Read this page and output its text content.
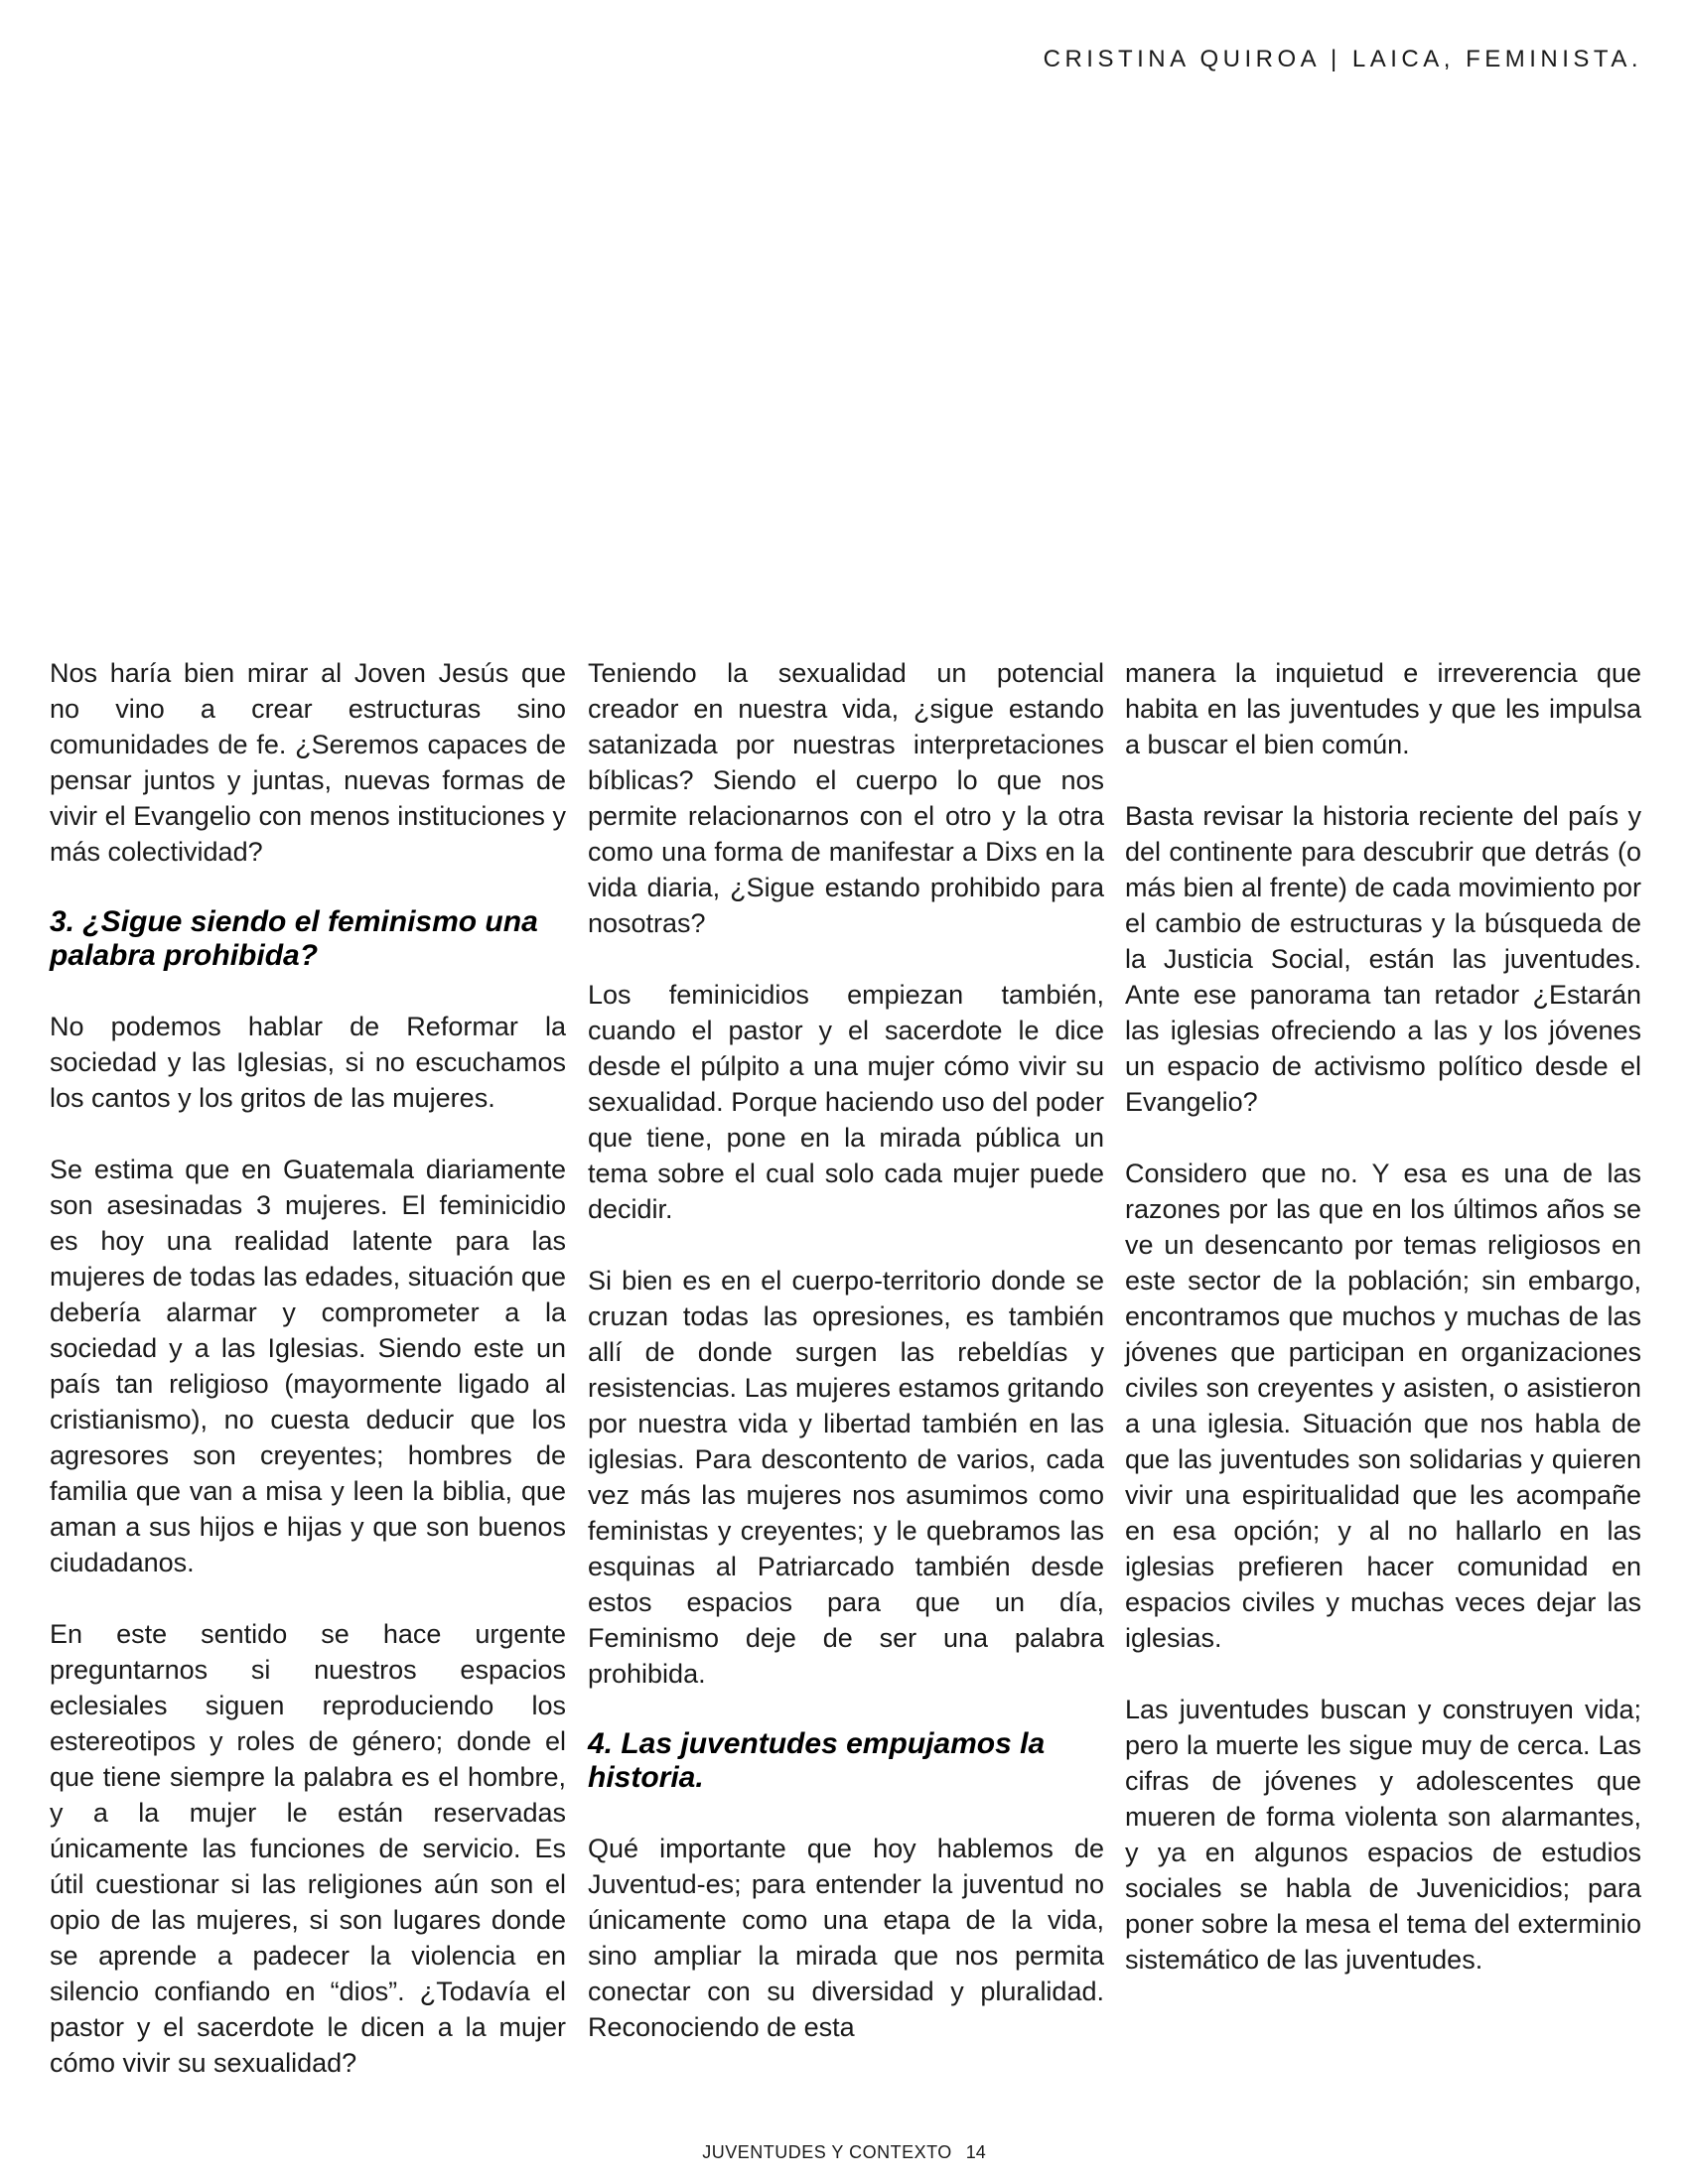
CRISTINA QUIROA | LAICA, FEMINISTA.

Nos haría bien mirar al Joven Jesús que no vino a crear estructuras sino comunidades de fe. ¿Seremos capaces de pensar juntos y juntas, nuevas formas de vivir el Evangelio con menos instituciones y más colectividad?

3. ¿Sigue siendo el feminismo una palabra prohibida?

No podemos hablar de Reformar la sociedad y las Iglesias, si no escuchamos los cantos y los gritos de las mujeres.

Se estima que en Guatemala diariamente son asesinadas 3 mujeres. El feminicidio es hoy una realidad latente para las mujeres de todas las edades, situación que debería alarmar y comprometer a la sociedad y a las Iglesias. Siendo este un país tan religioso (mayormente ligado al cristianismo), no cuesta deducir que los agresores son creyentes; hombres de familia que van a misa y leen la biblia, que aman a sus hijos e hijas y que son buenos ciudadanos.

En este sentido se hace urgente preguntarnos si nuestros espacios eclesiales siguen reproduciendo los estereotipos y roles de género; donde el que tiene siempre la palabra es el hombre, y a la mujer le están reservadas únicamente las funciones de servicio. Es útil cuestionar si las religiones aún son el opio de las mujeres, si son lugares donde se aprende a padecer la violencia en silencio confiando en “dios”. ¿Todavía el pastor y el sacerdote le dicen a la mujer cómo vivir su sexualidad?

Teniendo la sexualidad un potencial creador en nuestra vida, ¿sigue estando satanizada por nuestras interpretaciones bíblicas? Siendo el cuerpo lo que nos permite relacionarnos con el otro y la otra como una forma de manifestar a Dixs en la vida diaria, ¿Sigue estando prohibido para nosotras?

Los feminicidios empiezan también, cuando el pastor y el sacerdote le dice desde el púlpito a una mujer cómo vivir su sexualidad. Porque haciendo uso del poder que tiene, pone en la mirada pública un tema sobre el cual solo cada mujer puede decidir.

Si bien es en el cuerpo-territorio donde se cruzan todas las opresiones, es también allí de donde surgen las rebeldías y resistencias. Las mujeres estamos gritando por nuestra vida y libertad también en las iglesias. Para descontento de varios, cada vez más las mujeres nos asumimos como feministas y creyentes; y le quebramos las esquinas al Patriarcado también desde estos espacios para que un día, Feminismo deje de ser una palabra prohibida.

4. Las juventudes empujamos la historia.

Qué importante que hoy hablemos de Juventud-es; para entender la juventud no únicamente como una etapa de la vida, sino ampliar la mirada que nos permita conectar con su diversidad y pluralidad. Reconociendo de esta

manera la inquietud e irreverencia que habita en las juventudes y que les impulsa a buscar el bien común.

Basta revisar la historia reciente del país y del continente para descubrir que detrás (o más bien al frente) de cada movimiento por el cambio de estructuras y la búsqueda de la Justicia Social, están las juventudes. Ante ese panorama tan retador ¿Estarán las iglesias ofreciendo a las y los jóvenes un espacio de activismo político desde el Evangelio?

Considero que no. Y esa es una de las razones por las que en los últimos años se ve un desencanto por temas religiosos en este sector de la población; sin embargo, encontramos que muchos y muchas de las jóvenes que participan en organizaciones civiles son creyentes y asisten, o asistieron a una iglesia. Situación que nos habla de que las juventudes son solidarias y quieren vivir una espiritualidad que les acompañe en esa opción; y al no hallarlo en las iglesias prefieren hacer comunidad en espacios civiles y muchas veces dejar las iglesias.

Las juventudes buscan y construyen vida; pero la muerte les sigue muy de cerca. Las cifras de jóvenes y adolescentes que mueren de forma violenta son alarmantes, y ya en algunos espacios de estudios sociales se habla de Juvenicidios; para poner sobre la mesa el tema del exterminio sistemático de las juventudes.

JUVENTUDES Y CONTEXTO 14
